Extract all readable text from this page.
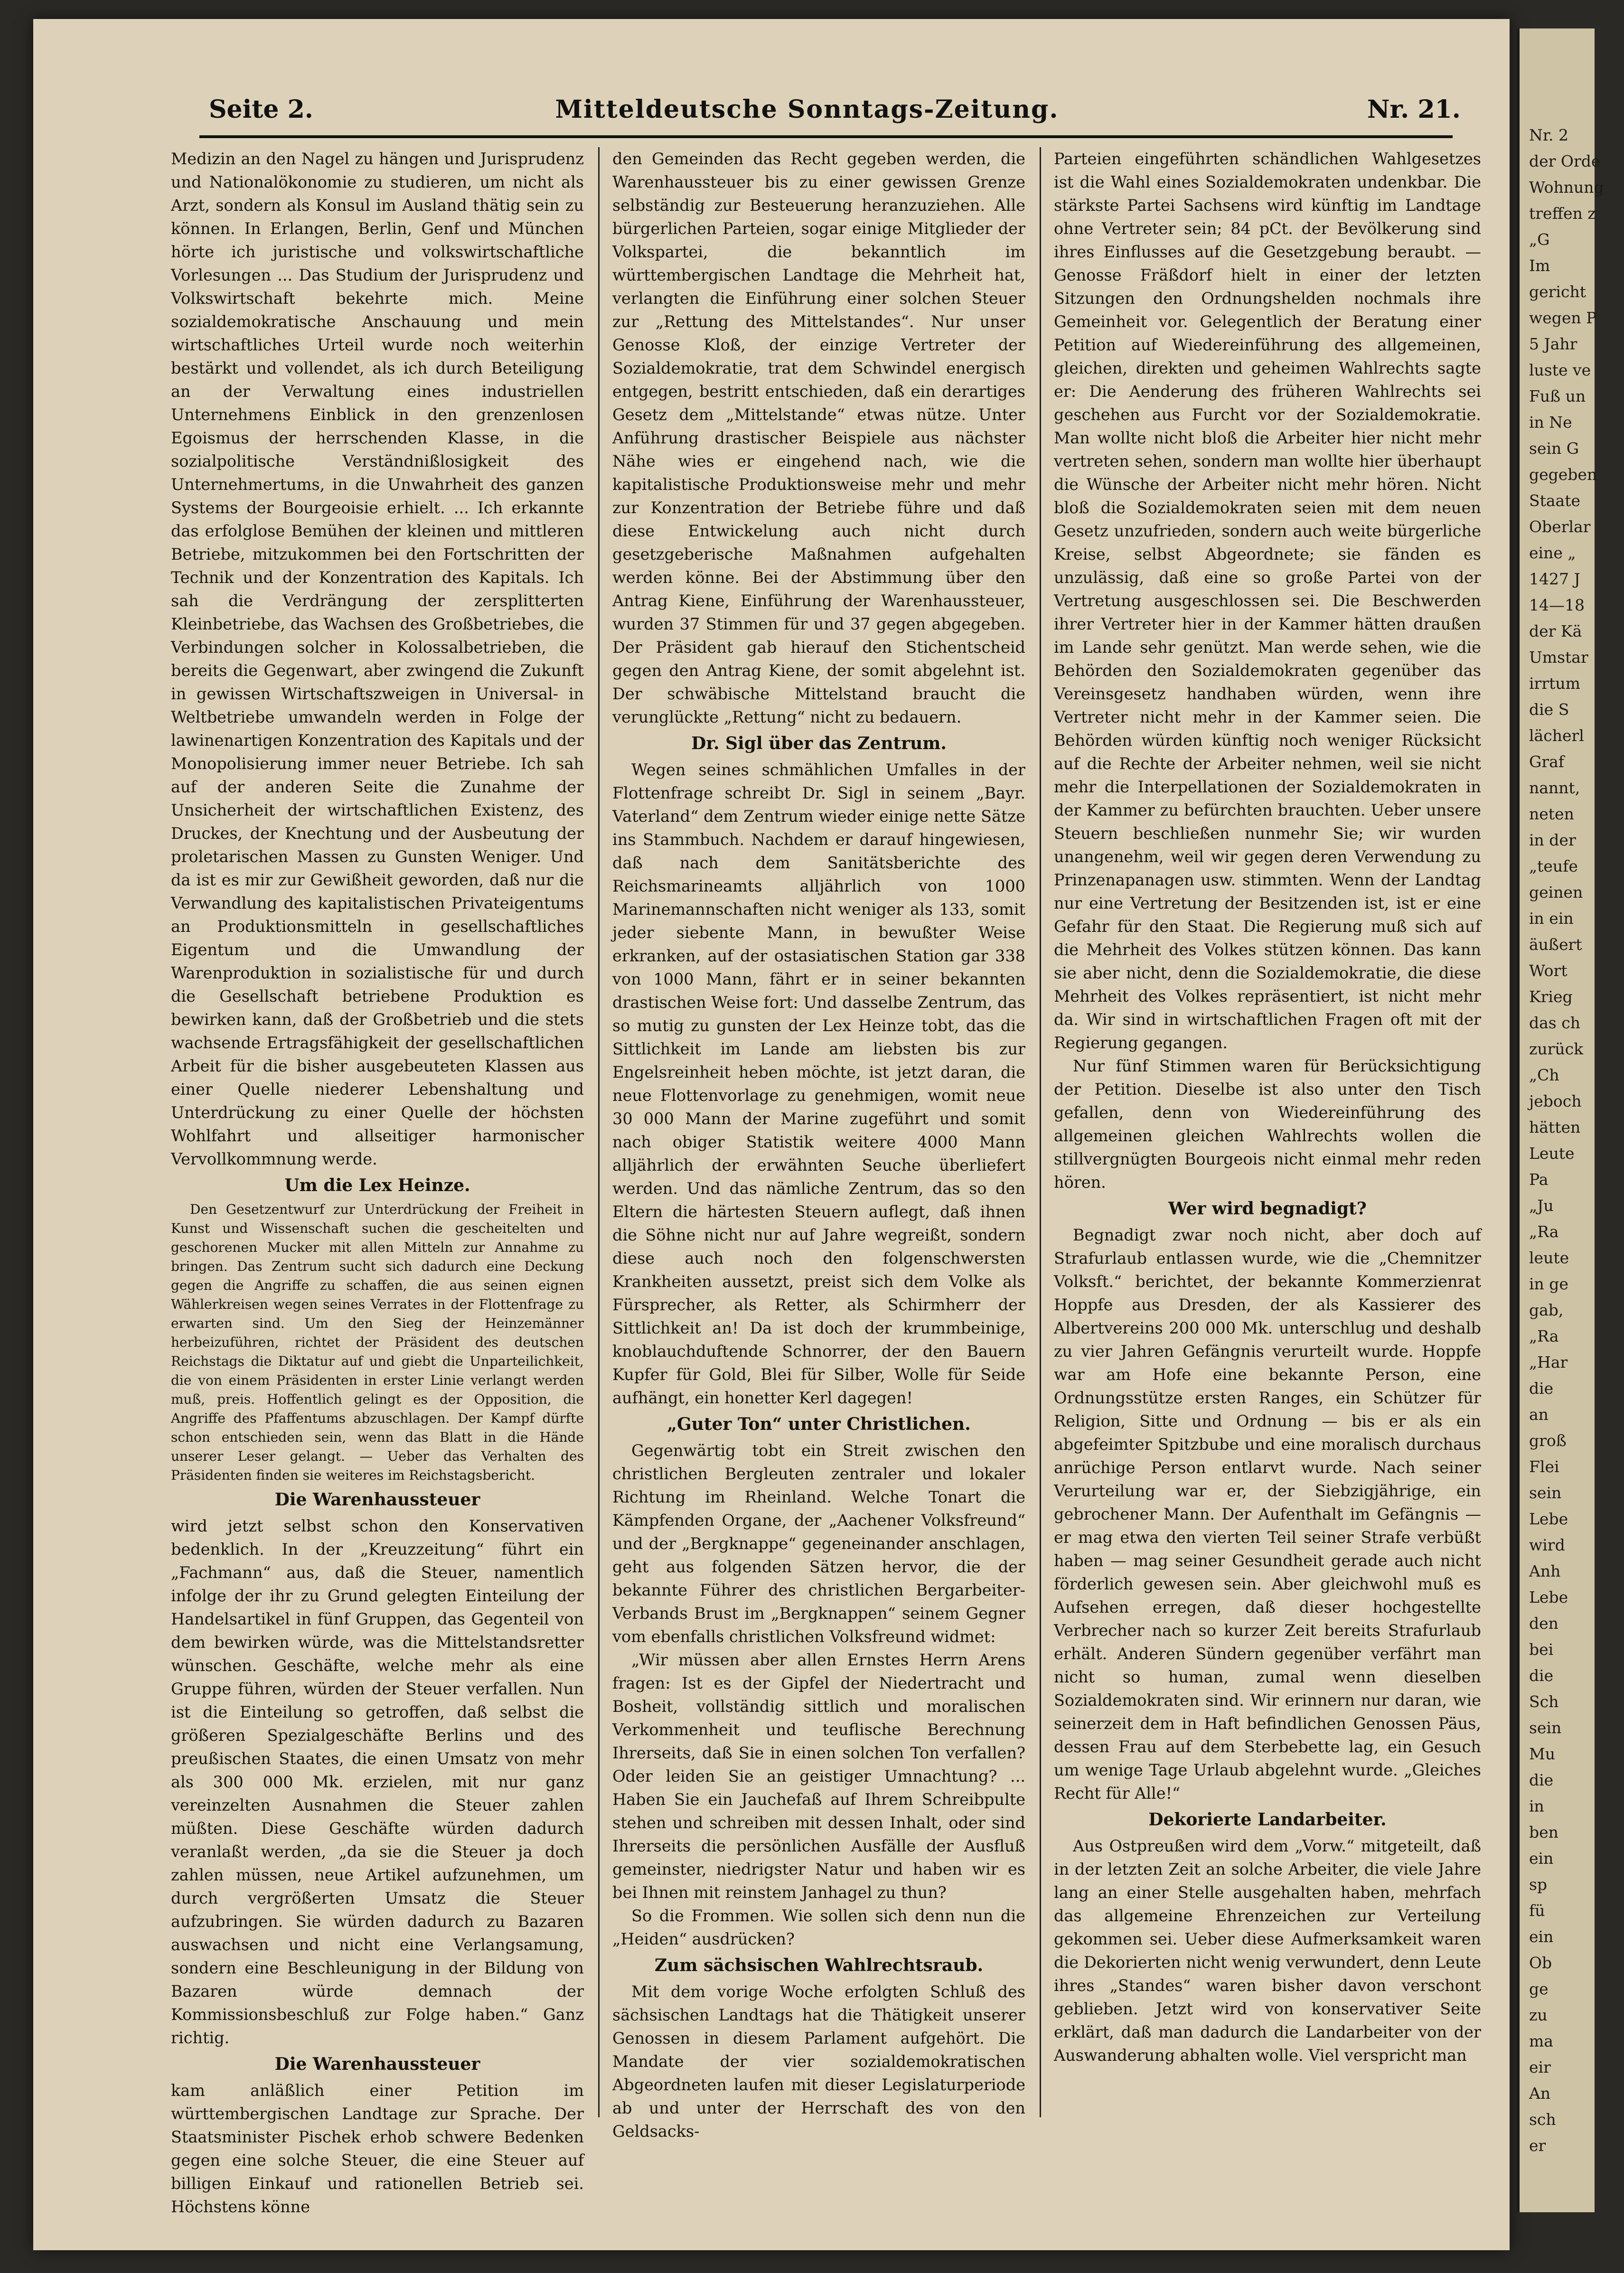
Seite 2.	Mitteldeutsche Sonntags-Zeitung.	Nr. 21.

Medizin an den Nagel zu hängen und Jurisprudenz und Nationalökonomie zu studieren, um nicht als Arzt, sondern als Konsul im Ausland thätig sein zu können. In Erlangen, Berlin, Genf und München hörte ich juristische und volkswirtschaftliche Vorlesungen ... Das Studium der Jurisprudenz und Volkswirtschaft bekehrte mich. Meine sozialdemokratische Anschauung und mein wirtschaftliches Urteil wurde noch weiterhin bestärkt und vollendet, als ich durch Beteiligung an der Verwaltung eines industriellen Unternehmens Einblick in den grenzenlosen Egoismus der herrschenden Klasse, in die sozialpolitische Verständnißlosigkeit des Unternehmertums, in die Unwahrheit des ganzen Systems der Bourgeoisie erhielt. ... Ich erkannte das erfolglose Bemühen der kleinen und mittleren Betriebe, mitzukommen bei den Fortschritten der Technik und der Konzentration des Kapitals. Ich sah die Verdrängung der zersplitterten Kleinbetriebe, das Wachsen des Großbetriebes, die Verbindungen solcher in Kolossalbetrieben, die bereits die Gegenwart, aber zwingend die Zukunft in gewissen Wirtschaftszweigen in Universal- in Weltbetriebe umwandeln werden in Folge der lawinenartigen Konzentration des Kapitals und der Monopolisierung immer neuer Betriebe. Ich sah auf der anderen Seite die Zunahme der Unsicherheit der wirtschaftlichen Existenz, des Druckes, der Knechtung und der Ausbeutung der proletarischen Massen zu Gunsten Weniger. Und da ist es mir zur Gewißheit geworden, daß nur die Verwandlung des kapitalistischen Privateigentums an Produktionsmitteln in gesellschaftliches Eigentum und die Umwandlung der Warenproduktion in sozialistische für und durch die Gesellschaft betriebene Produktion es bewirken kann, daß der Großbetrieb und die stets wachsende Ertragsfähigkeit der gesellschaftlichen Arbeit für die bisher ausgebeuteten Klassen aus einer Quelle niederer Lebenshaltung und Unterdrückung zu einer Quelle der höchsten Wohlfahrt und allseitiger harmonischer Vervollkommnung werde.

Um die Lex Heinze.

Den Gesetzentwurf zur Unterdrückung der Freiheit in Kunst und Wissenschaft suchen die gescheitelten und geschorenen Mucker mit allen Mitteln zur Annahme zu bringen. Das Zentrum sucht sich dadurch eine Deckung gegen die Angriffe zu schaffen, die aus seinen eignen Wählerkreisen wegen seines Verrates in der Flottenfrage zu erwarten sind. Um den Sieg der Heinzemänner herbeizuführen, richtet der Präsident des deutschen Reichstags die Diktatur auf und giebt die Unparteilichkeit, die von einem Präsidenten in erster Linie verlangt werden muß, preis. Hoffentlich gelingt es der Opposition, die Angriffe des Pfaffentums abzuschlagen. Der Kampf dürfte schon entschieden sein, wenn das Blatt in die Hände unserer Leser gelangt. — Ueber das Verhalten des Präsidenten finden sie weiteres im Reichstagsbericht.

Die Warenhaussteuer

wird jetzt selbst schon den Konservativen bedenklich. In der „Kreuzzeitung“ führt ein „Fachmann“ aus, daß die Steuer, namentlich infolge der ihr zu Grund gelegten Einteilung der Handelsartikel in fünf Gruppen, das Gegenteil von dem bewirken würde, was die Mittelstandsretter wünschen. Geschäfte, welche mehr als eine Gruppe führen, würden der Steuer verfallen. Nun ist die Einteilung so getroffen, daß selbst die größeren Spezialgeschäfte Berlins und des preußischen Staates, die einen Umsatz von mehr als 300 000 Mk. erzielen, mit nur ganz vereinzelten Ausnahmen die Steuer zahlen müßten. Diese Geschäfte würden dadurch veranlaßt werden, „da sie die Steuer ja doch zahlen müssen, neue Artikel aufzunehmen, um durch vergrößerten Umsatz die Steuer aufzubringen. Sie würden dadurch zu Bazaren auswachsen und nicht eine Verlangsamung, sondern eine Beschleunigung in der Bildung von Bazaren würde demnach der Kommissionsbeschluß zur Folge haben.“ Ganz richtig.

Die Warenhaussteuer

kam anläßlich einer Petition im württembergischen Landtage zur Sprache. Der Staatsminister Pischek erhob schwere Bedenken gegen eine solche Steuer, die eine Steuer auf billigen Einkauf und rationellen Betrieb sei. Höchstens könne

den Gemeinden das Recht gegeben werden, die Warenhaussteuer bis zu einer gewissen Grenze selbständig zur Besteuerung heranzuziehen. Alle bürgerlichen Parteien, sogar einige Mitglieder der Volkspartei, die bekanntlich im württembergischen Landtage die Mehrheit hat, verlangten die Einführung einer solchen Steuer zur „Rettung des Mittelstandes“. Nur unser Genosse Kloß, der einzige Vertreter der Sozialdemokratie, trat dem Schwindel energisch entgegen, bestritt entschieden, daß ein derartiges Gesetz dem „Mittelstande“ etwas nütze. Unter Anführung drastischer Beispiele aus nächster Nähe wies er eingehend nach, wie die kapitalistische Produktionsweise mehr und mehr zur Konzentration der Betriebe führe und daß diese Entwickelung auch nicht durch gesetzgeberische Maßnahmen aufgehalten werden könne. Bei der Abstimmung über den Antrag Kiene, Einführung der Warenhaussteuer, wurden 37 Stimmen für und 37 gegen abgegeben. Der Präsident gab hierauf den Stichentscheid gegen den Antrag Kiene, der somit abgelehnt ist. Der schwäbische Mittelstand braucht die verunglückte „Rettung“ nicht zu bedauern.

Dr. Sigl über das Zentrum.

Wegen seines schmählichen Umfalles in der Flottenfrage schreibt Dr. Sigl in seinem „Bayr. Vaterland“ dem Zentrum wieder einige nette Sätze ins Stammbuch. Nachdem er darauf hingewiesen, daß nach dem Sanitätsberichte des Reichsmarineamts alljährlich von 1000 Marinemannschaften nicht weniger als 133, somit jeder siebente Mann, in bewußter Weise erkranken, auf der ostasiatischen Station gar 338 von 1000 Mann, fährt er in seiner bekannten drastischen Weise fort: Und dasselbe Zentrum, das so mutig zu gunsten der Lex Heinze tobt, das die Sittlichkeit im Lande am liebsten bis zur Engelsreinheit heben möchte, ist jetzt daran, die neue Flottenvorlage zu genehmigen, womit neue 30 000 Mann der Marine zugeführt und somit nach obiger Statistik weitere 4000 Mann alljährlich der erwähnten Seuche überliefert werden. Und das nämliche Zentrum, das so den Eltern die härtesten Steuern auflegt, daß ihnen die Söhne nicht nur auf Jahre wegreißt, sondern diese auch noch den folgenschwersten Krankheiten aussetzt, preist sich dem Volke als Fürsprecher, als Retter, als Schirmherr der Sittlichkeit an! Da ist doch der krummbeinige, knoblauchduftende Schnorrer, der den Bauern Kupfer für Gold, Blei für Silber, Wolle für Seide aufhängt, ein honetter Kerl dagegen!

„Guter Ton“ unter Christlichen.

Gegenwärtig tobt ein Streit zwischen den christlichen Bergleuten zentraler und lokaler Richtung im Rheinland. Welche Tonart die Kämpfenden Organe, der „Aachener Volksfreund“ und der „Bergknappe“ gegeneinander anschlagen, geht aus folgenden Sätzen hervor, die der bekannte Führer des christlichen Bergarbeiter-Verbands Brust im „Bergknappen“ seinem Gegner vom ebenfalls christlichen Volksfreund widmet:

„Wir müssen aber allen Ernstes Herrn Arens fragen: Ist es der Gipfel der Niedertracht und Bosheit, vollständig sittlich und moralischen Verkommenheit und teuflische Berechnung Ihrerseits, daß Sie in einen solchen Ton verfallen? Oder leiden Sie an geistiger Umnachtung? ... Haben Sie ein Jauchefaß auf Ihrem Schreibpulte stehen und schreiben mit dessen Inhalt, oder sind Ihrerseits die persönlichen Ausfälle der Ausfluß gemeinster, niedrigster Natur und haben wir es bei Ihnen mit reinstem Janhagel zu thun?

So die Frommen. Wie sollen sich denn nun die „Heiden“ ausdrücken?

Zum sächsischen Wahlrechtsraub.

Mit dem vorige Woche erfolgten Schluß des sächsischen Landtags hat die Thätigkeit unserer Genossen in diesem Parlament aufgehört. Die Mandate der vier sozialdemokratischen Abgeordneten laufen mit dieser Legislaturperiode ab und unter der Herrschaft des von den Geldsacks-

Parteien eingeführten schändlichen Wahlgesetzes ist die Wahl eines Sozialdemokraten undenkbar. Die stärkste Partei Sachsens wird künftig im Landtage ohne Vertreter sein; 84 pCt. der Bevölkerung sind ihres Einflusses auf die Gesetzgebung beraubt. — Genosse Fräßdorf hielt in einer der letzten Sitzungen den Ordnungshelden nochmals ihre Gemeinheit vor. Gelegentlich der Beratung einer Petition auf Wiedereinführung des allgemeinen, gleichen, direkten und geheimen Wahlrechts sagte er: Die Aenderung des früheren Wahlrechts sei geschehen aus Furcht vor der Sozialdemokratie. Man wollte nicht bloß die Arbeiter hier nicht mehr vertreten sehen, sondern man wollte hier überhaupt die Wünsche der Arbeiter nicht mehr hören. Nicht bloß die Sozialdemokraten seien mit dem neuen Gesetz unzufrieden, sondern auch weite bürgerliche Kreise, selbst Abgeordnete; sie fänden es unzulässig, daß eine so große Partei von der Vertretung ausgeschlossen sei. Die Beschwerden ihrer Vertreter hier in der Kammer hätten draußen im Lande sehr genützt. Man werde sehen, wie die Behörden den Sozialdemokraten gegenüber das Vereinsgesetz handhaben würden, wenn ihre Vertreter nicht mehr in der Kammer seien. Die Behörden würden künftig noch weniger Rücksicht auf die Rechte der Arbeiter nehmen, weil sie nicht mehr die Interpellationen der Sozialdemokraten in der Kammer zu befürchten brauchten. Ueber unsere Steuern beschließen nunmehr Sie; wir wurden unangenehm, weil wir gegen deren Verwendung zu Prinzenapanagen usw. stimmten. Wenn der Landtag nur eine Vertretung der Besitzenden ist, ist er eine Gefahr für den Staat. Die Regierung muß sich auf die Mehrheit des Volkes stützen können. Das kann sie aber nicht, denn die Sozialdemokratie, die diese Mehrheit des Volkes repräsentiert, ist nicht mehr da. Wir sind in wirtschaftlichen Fragen oft mit der Regierung gegangen.

Nur fünf Stimmen waren für Berücksichtigung der Petition. Dieselbe ist also unter den Tisch gefallen, denn von Wiedereinführung des allgemeinen gleichen Wahlrechts wollen die stillvergnügten Bourgeois nicht einmal mehr reden hören.

Wer wird begnadigt?

Begnadigt zwar noch nicht, aber doch auf Strafurlaub entlassen wurde, wie die „Chemnitzer Volksft.“ berichtet, der bekannte Kommerzienrat Hoppfe aus Dresden, der als Kassierer des Albertvereins 200 000 Mk. unterschlug und deshalb zu vier Jahren Gefängnis verurteilt wurde. Hoppfe war am Hofe eine bekannte Person, eine Ordnungsstütze ersten Ranges, ein Schützer für Religion, Sitte und Ordnung — bis er als ein abgefeimter Spitzbube und eine moralisch durchaus anrüchige Person entlarvt wurde. Nach seiner Verurteilung war er, der Siebzigjährige, ein gebrochener Mann. Der Aufenthalt im Gefängnis — er mag etwa den vierten Teil seiner Strafe verbüßt haben — mag seiner Gesundheit gerade auch nicht förderlich gewesen sein. Aber gleichwohl muß es Aufsehen erregen, daß dieser hochgestellte Verbrecher nach so kurzer Zeit bereits Strafurlaub erhält. Anderen Sündern gegenüber verfährt man nicht so human, zumal wenn dieselben Sozialdemokraten sind. Wir erinnern nur daran, wie seinerzeit dem in Haft befindlichen Genossen Päus, dessen Frau auf dem Sterbebette lag, ein Gesuch um wenige Tage Urlaub abgelehnt wurde. „Gleiches Recht für Alle!“

Dekorierte Landarbeiter.

Aus Ostpreußen wird dem „Vorw.“ mitgeteilt, daß in der letzten Zeit an solche Arbeiter, die viele Jahre lang an einer Stelle ausgehalten haben, mehrfach das allgemeine Ehrenzeichen zur Verteilung gekommen sei. Ueber diese Aufmerksamkeit waren die Dekorierten nicht wenig verwundert, denn Leute ihres „Standes“ waren bisher davon verschont geblieben. Jetzt wird von konservativer Seite erklärt, daß man dadurch die Landarbeiter von der Auswanderung abhalten wolle. Viel verspricht man

Nr. 2
der Orde
Wohnung
treffen z
„G
Im
gericht
wegen P
5 Jahr
luste ve
Fuß un
in Ne
sein G
gegeben
Staate
Oberlar
eine „
1427 J
14—18
der Kä
Umstar
irrtum
die S
lächerl
Graf
nannt,
neten
in der
„teufe
geinen
in ein
äußert
Wort
Krieg
das ch
zurück
„Ch
jeboch
hätten
Leute
Pa
„Ju
„Ra
leute
in ge
gab,
„Ra
„Har
die
an
groß
Flei
sein
Lebe
wird
Anh
Lebe
den
bei
die
Sch
sein
Mu
die
in
ben
ein
sp
fü
ein
Ob
ge
zu
ma
eir
An
sch
er
